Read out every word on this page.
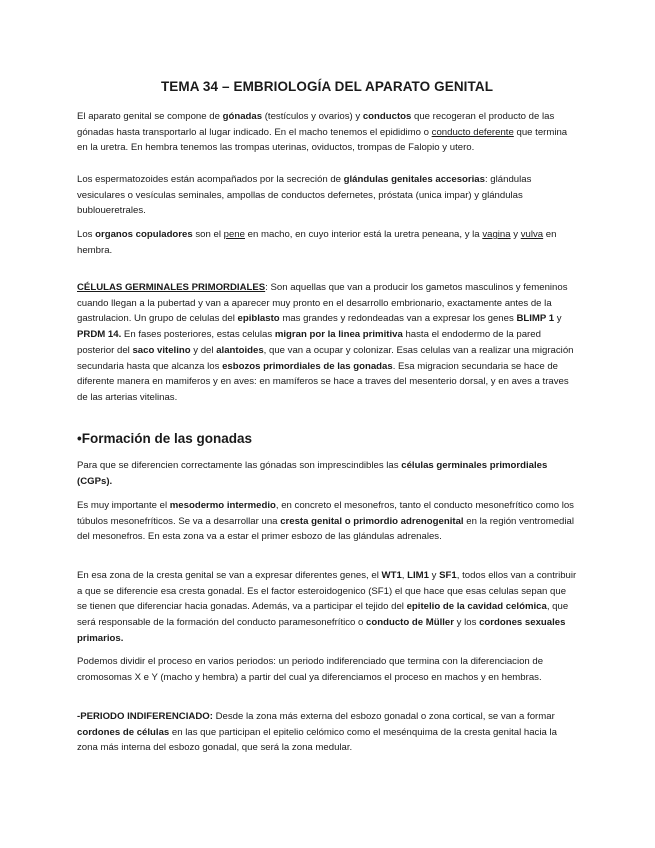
TEMA 34 – EMBRIOLOGÍA DEL APARATO GENITAL
El aparato genital se compone de gónadas (testículos y ovarios) y conductos que recogeran el producto de las gónadas hasta transportarlo al lugar indicado. En el macho tenemos el epididimo o conducto deferente que termina en la uretra. En hembra tenemos las trompas uterinas, oviductos, trompas de Falopio y utero.
Los espermatozoides están acompañados por la secreción de glándulas genitales accesorias: glándulas vesiculares o vesículas seminales, ampollas de conductos defernetes, próstata (unica impar) y glándulas bubloueretrales.
Los organos copuladores son el pene en macho, en cuyo interior está la uretra peneana, y la vagina y vulva en hembra.
CÉLULAS GERMINALES PRIMORDIALES: Son aquellas que van a producir los gametos masculinos y femeninos cuando llegan a la pubertad y van a aparecer muy pronto en el desarrollo embrionario, exactamente antes de la gastrulacion. Un grupo de celulas del epiblasto mas grandes y redondeadas van a expresar los genes BLIMP 1 y PRDM 14. En fases posteriores, estas celulas migran por la linea primitiva hasta el endodermo de la pared posterior del saco vitelino y del alantoides, que van a ocupar y colonizar. Esas celulas van a realizar una migración secundaria hasta que alcanza los esbozos primordiales de las gonadas. Esa migracion secundaria se hace de diferente manera en mamiferos y en aves: en mamíferos se hace a traves del mesenterio dorsal, y en aves a traves de las arterias vitelinas.
•Formación de las gonadas
Para que se diferencien correctamente las gónadas son imprescindibles las células germinales primordiales (CGPs).
Es muy importante el mesodermo intermedio, en concreto el mesonefros, tanto el conducto mesonefrítico como los túbulos mesonefríticos. Se va a desarrollar una cresta genital o primordio adrenogenital en la región ventromedial del mesonefros. En esta zona va a estar el primer esbozo de las glándulas adrenales.
En esa zona de la cresta genital se van a expresar diferentes genes, el WT1, LIM1 y SF1, todos ellos van a contribuir a que se diferencie esa cresta gonadal. Es el factor esteroidogenico (SF1) el que hace que esas celulas sepan que se tienen que diferenciar hacia gonadas. Además, va a participar el tejido del epitelio de la cavidad celómica, que será responsable de la formación del conducto paramesonefrítico o conducto de Müller y los cordones sexuales primarios.
Podemos dividir el proceso en varios periodos: un periodo indiferenciado que termina con la diferenciacion de cromosomas X e Y (macho y hembra) a partir del cual ya diferenciamos el proceso en machos y en hembras.
-PERIODO INDIFERENCIADO: Desde la zona más externa del esbozo gonadal o zona cortical, se van a formar cordones de células en las que participan el epitelio celómico como el mesénquima de la cresta genital hacia la zona más interna del esbozo gonadal, que será la zona medular.
